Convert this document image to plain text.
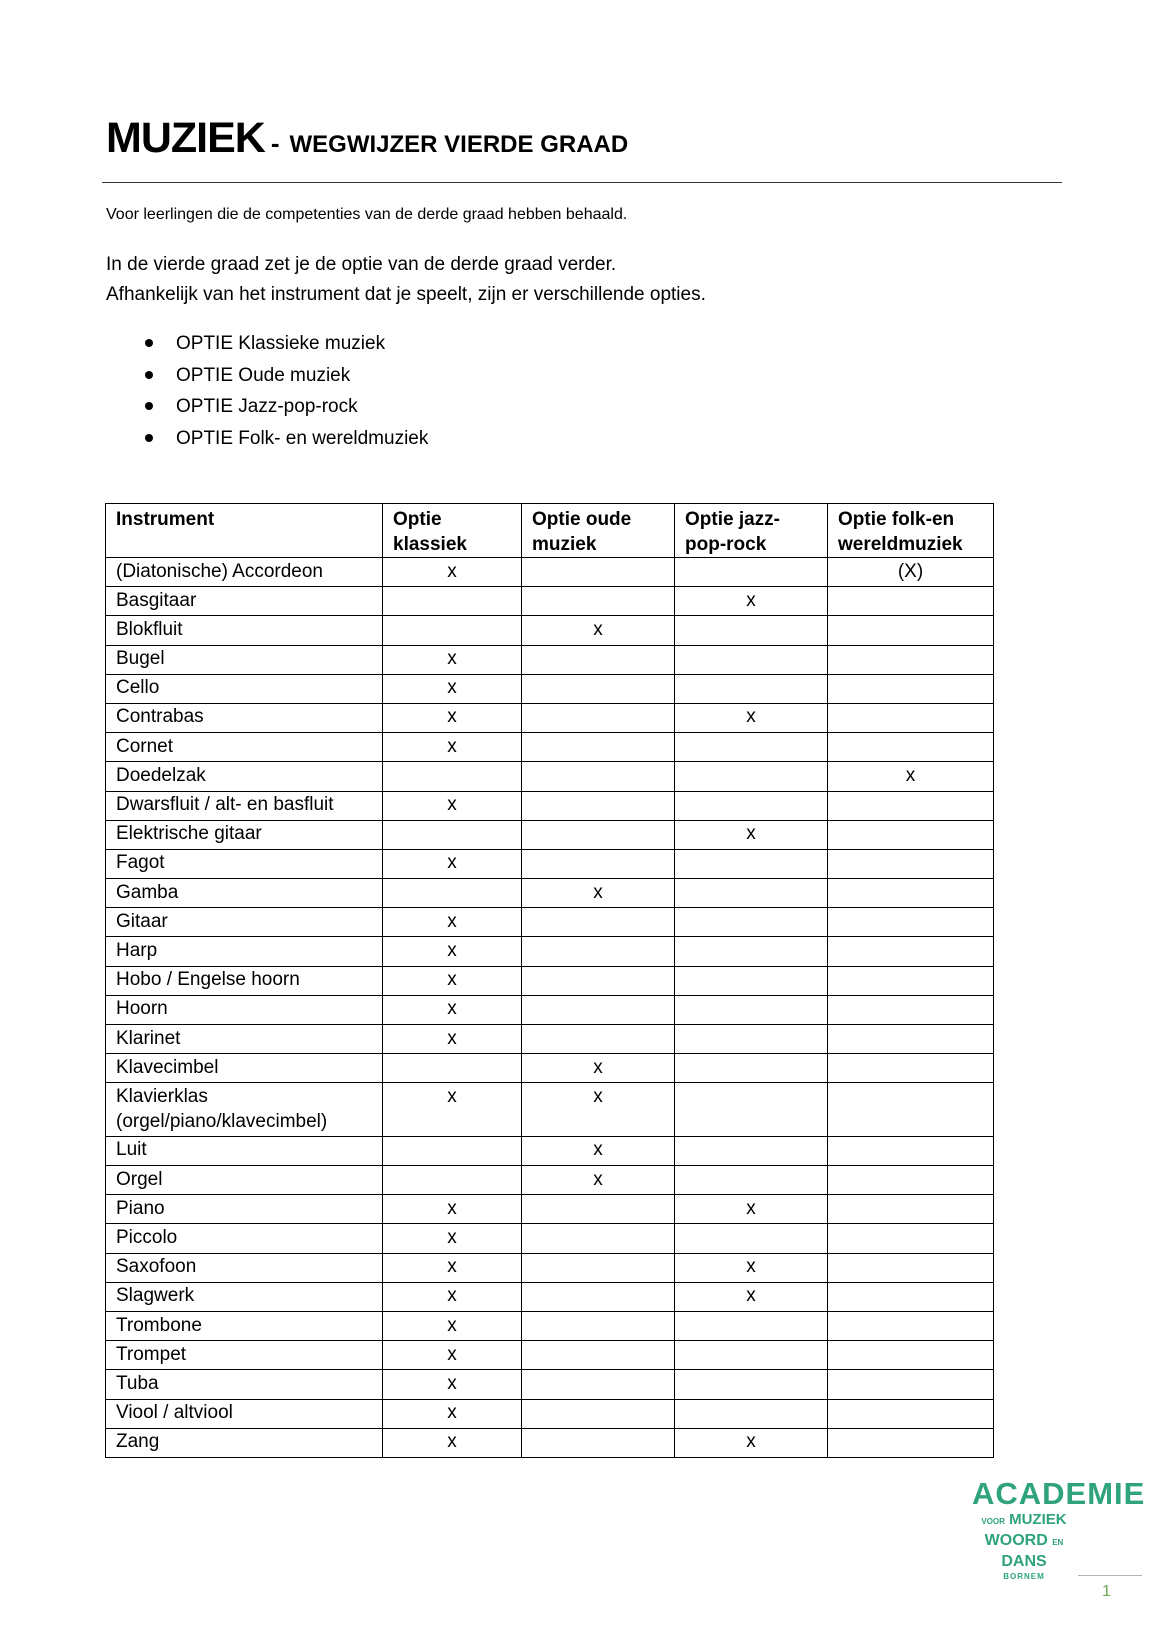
MUZIEK - WEGWIJZER VIERDE GRAAD
Voor leerlingen die de competenties van de derde graad hebben behaald.
In de vierde graad zet je de optie van de derde graad verder.
Afhankelijk van het instrument dat je speelt, zijn er verschillende opties.
OPTIE Klassieke muziek
OPTIE Oude muziek
OPTIE Jazz-pop-rock
OPTIE Folk- en wereldmuziek
Instrument	Optie klassiek	Optie oude muziek	Optie jazz-pop-rock	Optie folk-en wereldmuziek
(Diatonische) Accordeon	x			(X)
Basgitaar			x	
Blokfluit		x		
Bugel	x			
Cello	x			
Contrabas	x		x	
Cornet	x			
Doedelzak				x
Dwarsfluit / alt- en basfluit	x			
Elektrische gitaar			x	
Fagot	x			
Gamba		x		
Gitaar	x			
Harp	x			
Hobo / Engelse hoorn	x			
Hoorn	x			
Klarinet	x			
Klavecimbel		x		
Klavierklas (orgel/piano/klavecimbel)	x	x		
Luit		x		
Orgel		x		
Piano	x		x	
Piccolo	x			
Saxofoon	x		x	
Slagwerk	x		x	
Trombone	x			
Trompet	x			
Tuba	x			
Viool / altviool	x			
Zang	x		x	
ACADEMIE
VOOR MUZIEK
WOORD EN DANS
BORNEM
1
